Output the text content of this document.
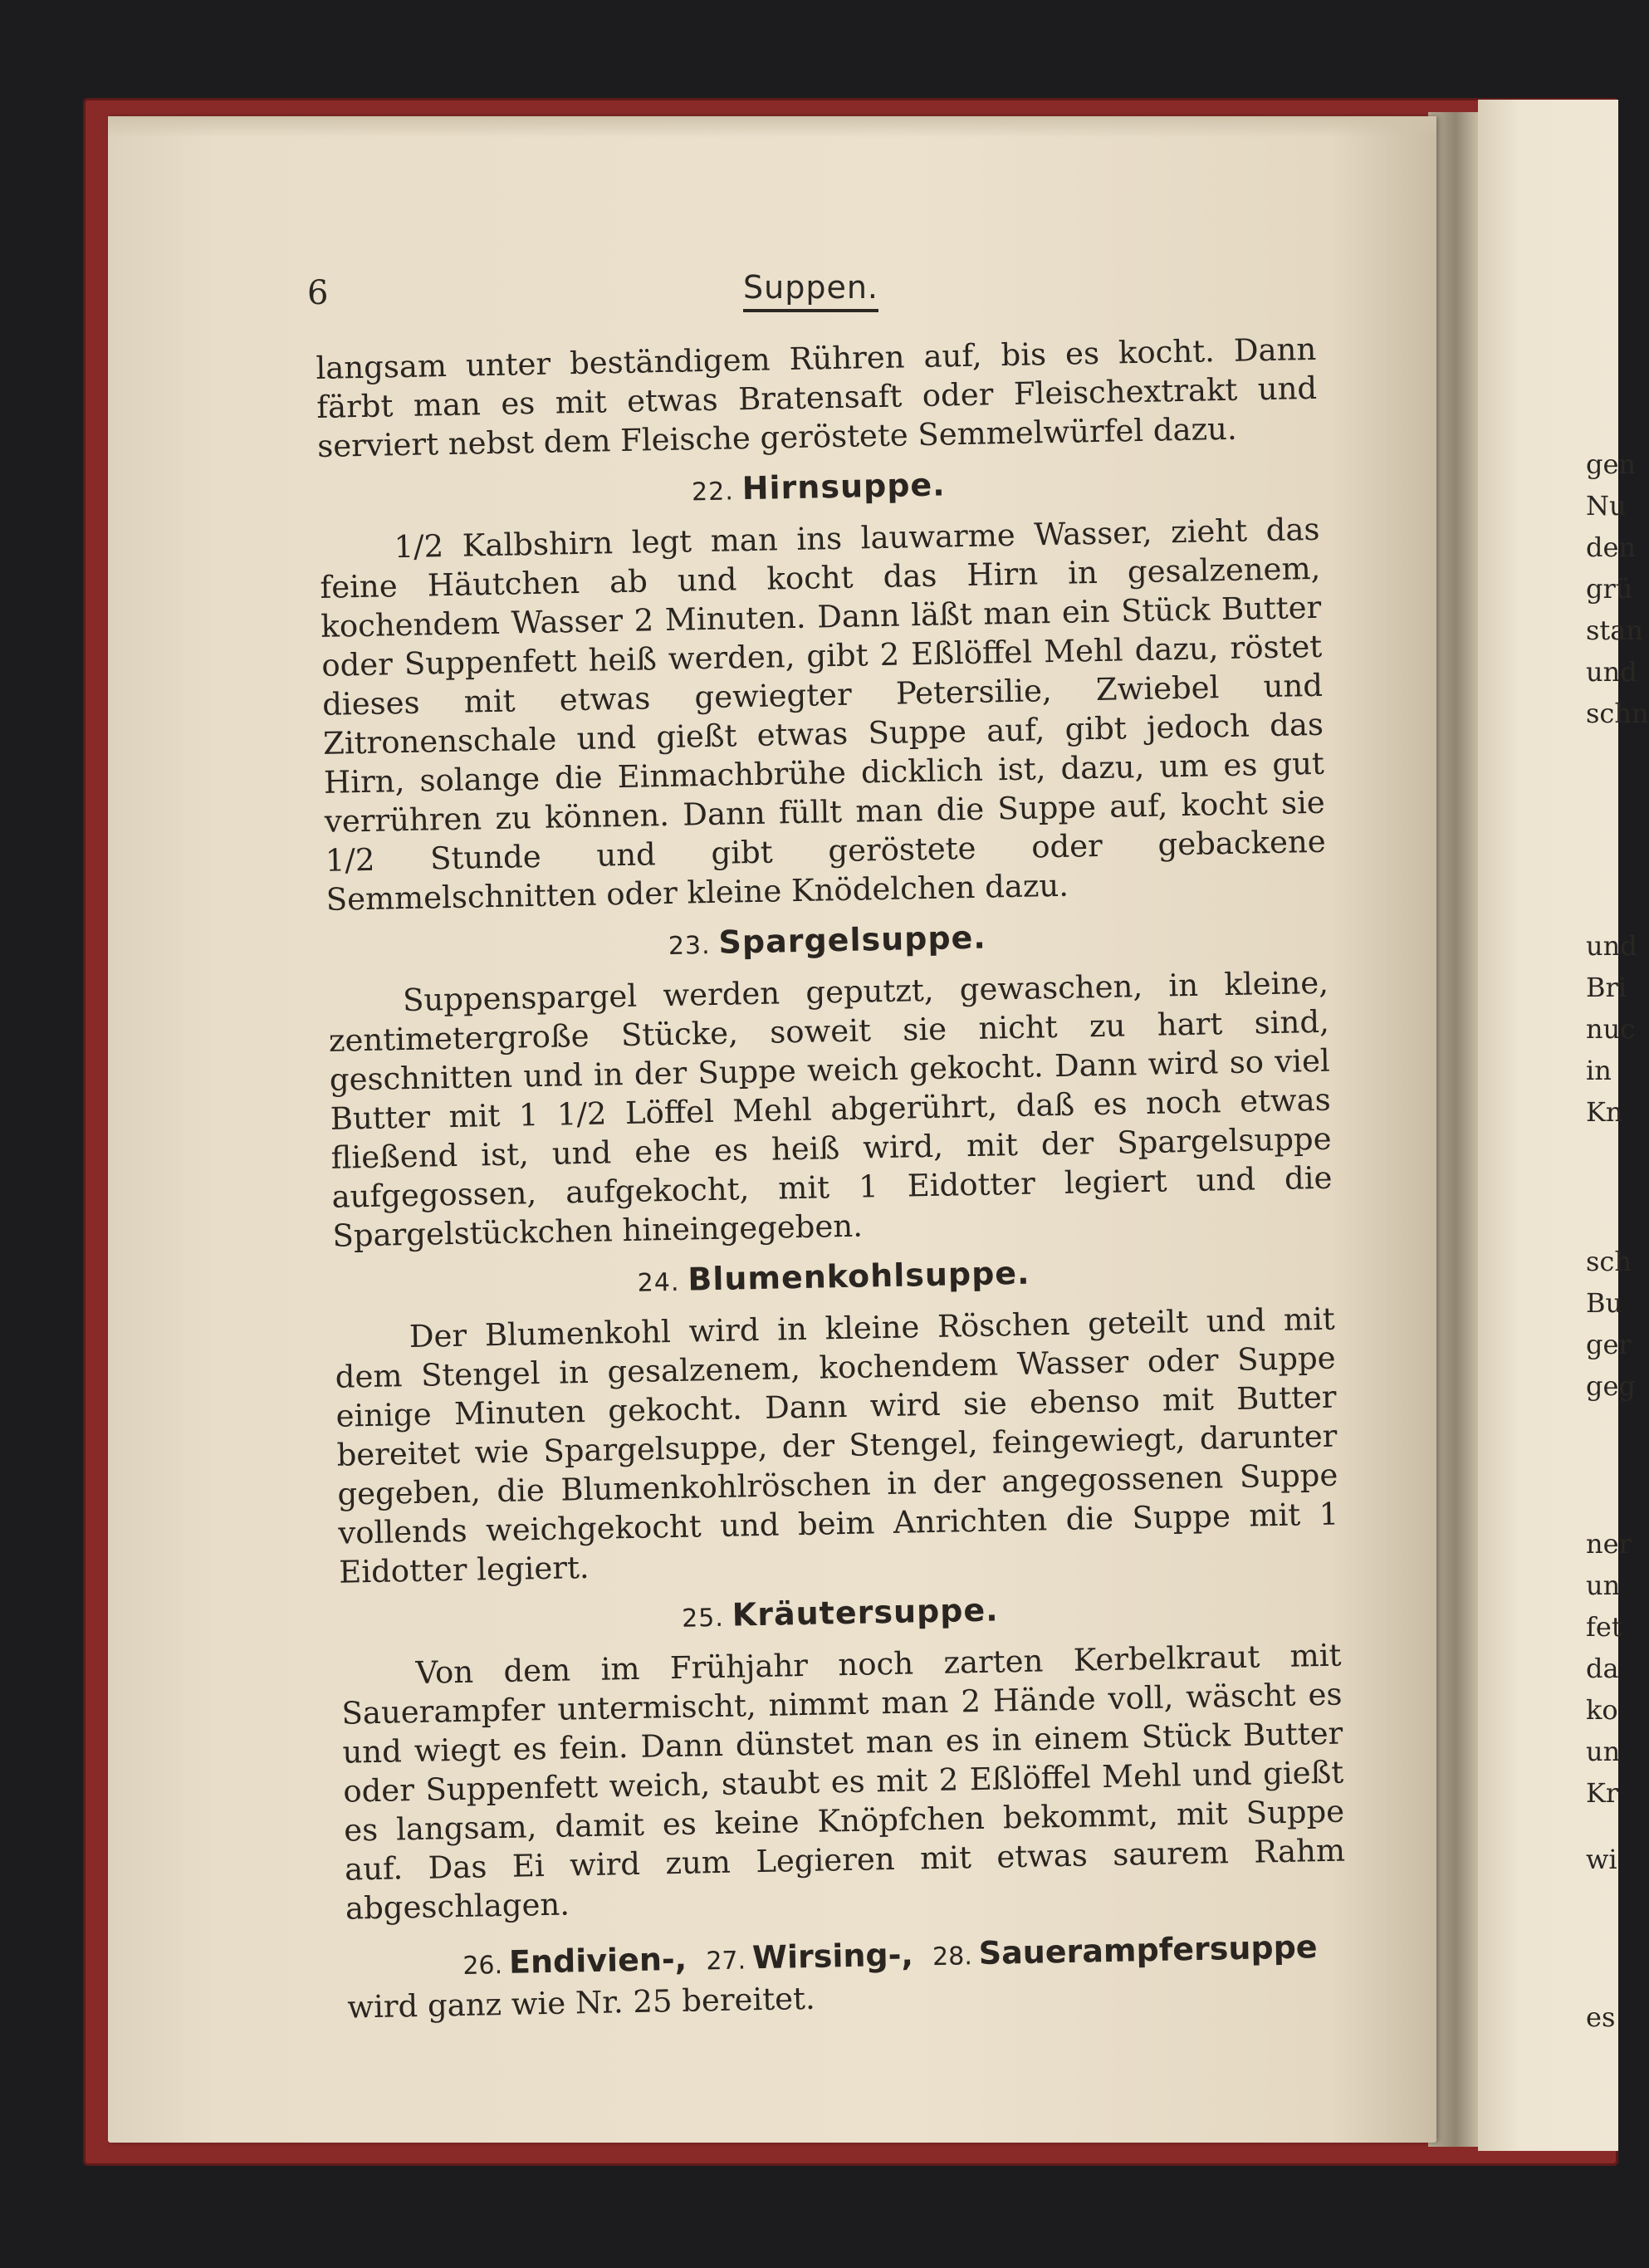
gen
Nu
den
grü
stan
und
schn
und
Bri
nuc
in
Kn
sch
Bu
ger
geg
ner
un
fet
da
ko
un
Kr
wi
es
6	Suppen.

langsam unter beständigem Rühren auf, bis es kocht. Dann färbt man es mit etwas Bratensaft oder Fleischextrakt und serviert nebst dem Fleische geröstete Semmelwürfel dazu.

22. Hirnsuppe.

1/2 Kalbshirn legt man ins lauwarme Wasser, zieht das feine Häutchen ab und kocht das Hirn in gesalzenem, kochendem Wasser 2 Minuten. Dann läßt man ein Stück Butter oder Suppenfett heiß werden, gibt 2 Eßlöffel Mehl dazu, röstet dieses mit etwas gewiegter Petersilie, Zwiebel und Zitronenschale und gießt etwas Suppe auf, gibt jedoch das Hirn, solange die Einmachbrühe dicklich ist, dazu, um es gut verrühren zu können. Dann füllt man die Suppe auf, kocht sie 1/2 Stunde und gibt geröstete oder gebackene Semmelschnitten oder kleine Knödelchen dazu.

23. Spargelsuppe.

Suppenspargel werden geputzt, gewaschen, in kleine, zentimetergroße Stücke, soweit sie nicht zu hart sind, geschnitten und in der Suppe weich gekocht. Dann wird so viel Butter mit 1 1/2 Löffel Mehl abgerührt, daß es noch etwas fließend ist, und ehe es heiß wird, mit der Spargelsuppe aufgegossen, aufgekocht, mit 1 Eidotter legiert und die Spargelstückchen hineingegeben.

24. Blumenkohlsuppe.

Der Blumenkohl wird in kleine Röschen geteilt und mit dem Stengel in gesalzenem, kochendem Wasser oder Suppe einige Minuten gekocht. Dann wird sie ebenso mit Butter bereitet wie Spargelsuppe, der Stengel, feingewiegt, darunter gegeben, die Blumenkohlröschen in der angegossenen Suppe vollends weichgekocht und beim Anrichten die Suppe mit 1 Eidotter legiert.

25. Kräutersuppe.

Von dem im Frühjahr noch zarten Kerbelkraut mit Sauerampfer untermischt, nimmt man 2 Hände voll, wäscht es und wiegt es fein. Dann dünstet man es in einem Stück Butter oder Suppenfett weich, staubt es mit 2 Eßlöffel Mehl und gießt es langsam, damit es keine Knöpfchen bekommt, mit Suppe auf. Das Ei wird zum Legieren mit etwas saurem Rahm abgeschlagen.

26. Endivien-, 27. Wirsing-, 28. Sauerampfersuppe

wird ganz wie Nr. 25 bereitet.
